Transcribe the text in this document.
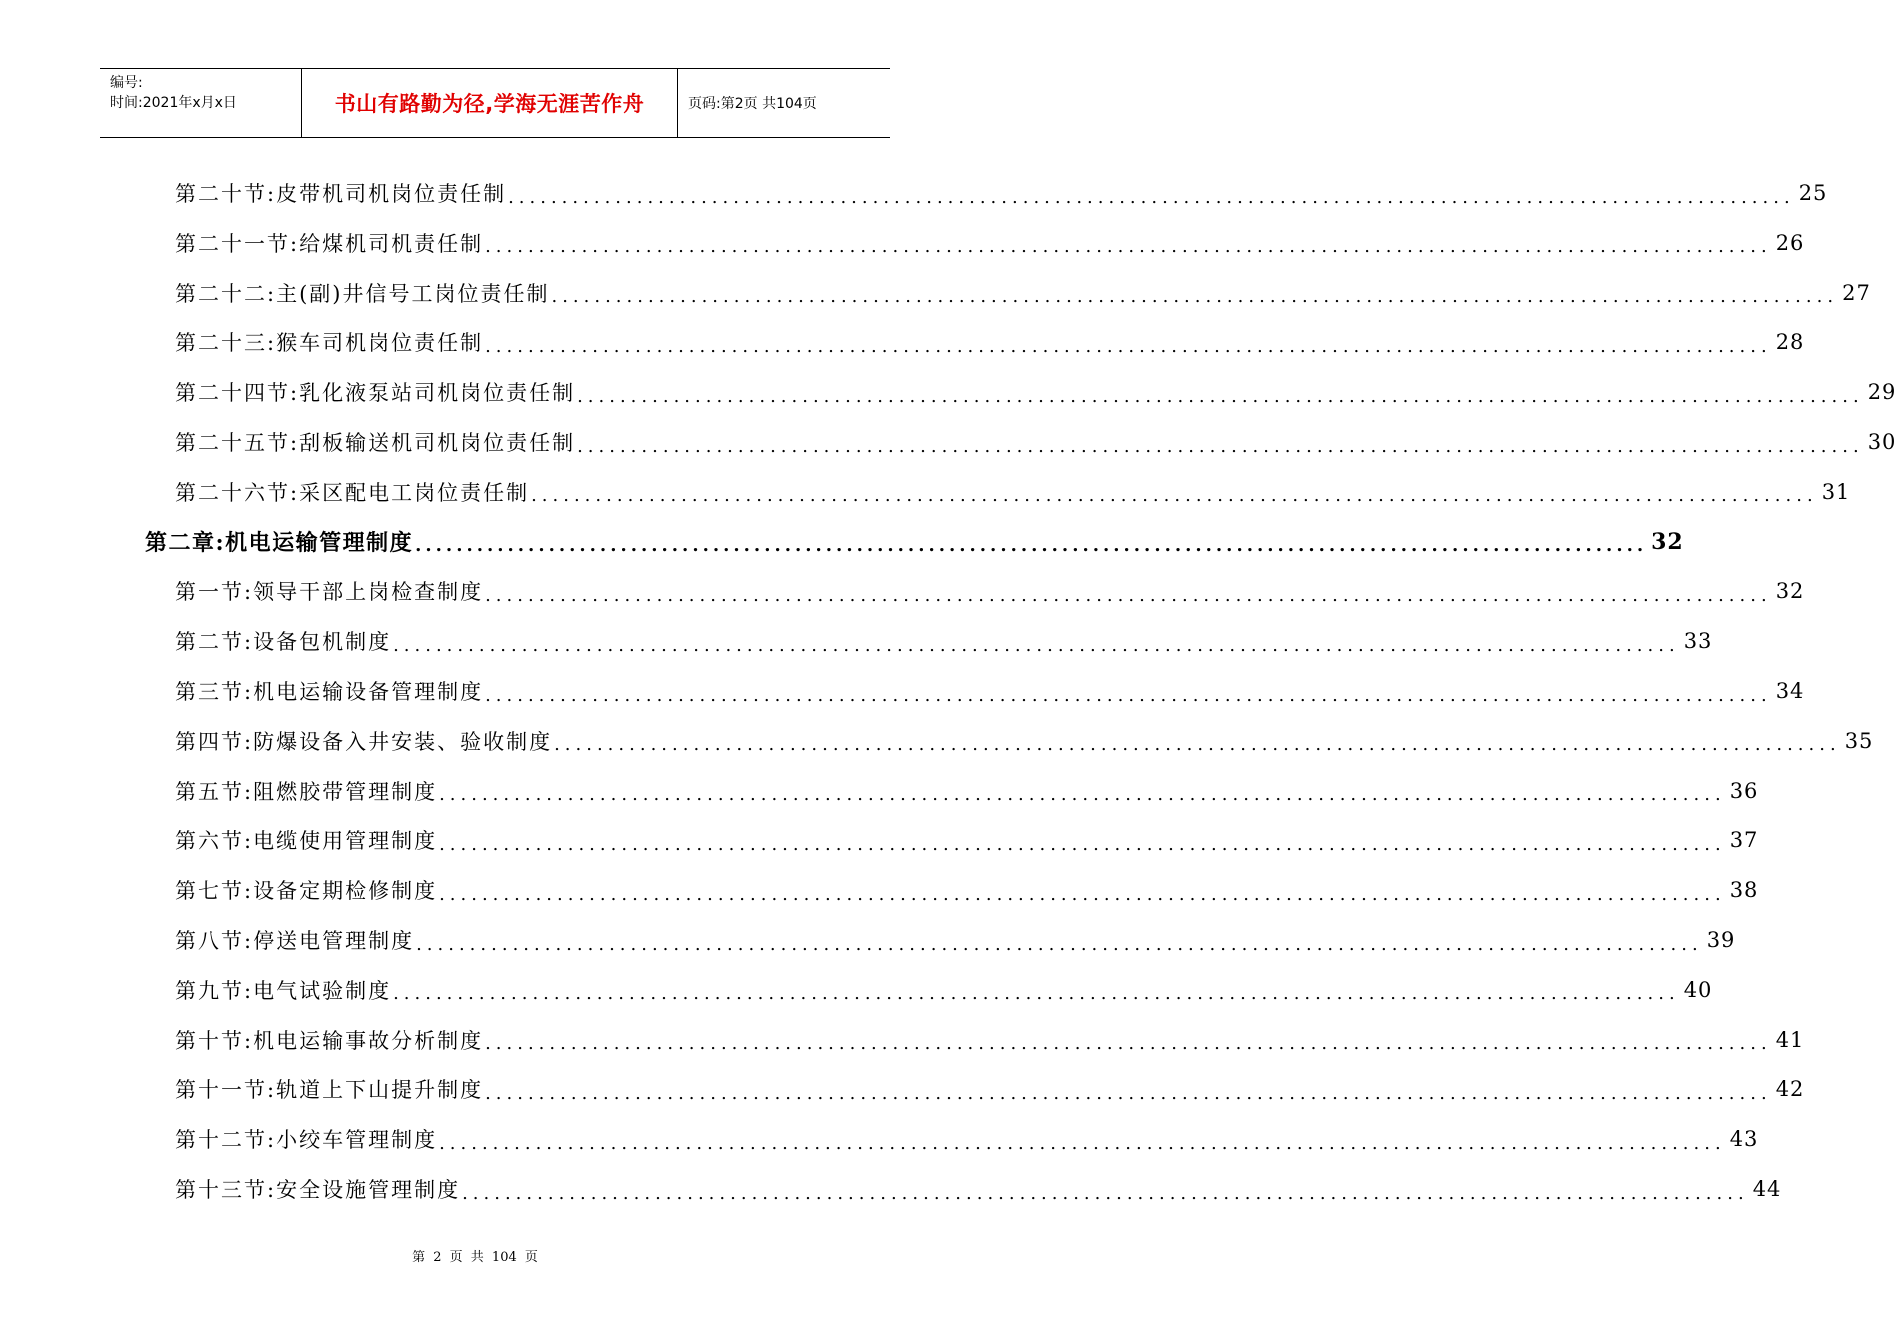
编号:
时间:2021年x月x日	书山有路勤为径,学海无涯苦作舟	页码:第2页 共104页
第二十节:皮带机司机岗位责任制 ........................................................................................................................ 25
第二十一节:给煤机司机责任制 ........................................................................................................................ 26
第二十二:主(副)井信号工岗位责任制 ........................................................................................................................ 27
第二十三:猴车司机岗位责任制 ........................................................................................................................ 28
第二十四节:乳化液泵站司机岗位责任制 ........................................................................................................................ 29
第二十五节:刮板输送机司机岗位责任制 ........................................................................................................................ 30
第二十六节:采区配电工岗位责任制 ........................................................................................................................ 31
第二章:机电运输管理制度 ........................................................................................................................ 32
第一节:领导干部上岗检查制度 ........................................................................................................................ 32
第二节:设备包机制度 ........................................................................................................................ 33
第三节:机电运输设备管理制度 ........................................................................................................................ 34
第四节:防爆设备入井安装、验收制度 ........................................................................................................................ 35
第五节:阻燃胶带管理制度 ........................................................................................................................ 36
第六节:电缆使用管理制度 ........................................................................................................................ 37
第七节:设备定期检修制度 ........................................................................................................................ 38
第八节:停送电管理制度 ........................................................................................................................ 39
第九节:电气试验制度 ........................................................................................................................ 40
第十节:机电运输事故分析制度 ........................................................................................................................ 41
第十一节:轨道上下山提升制度 ........................................................................................................................ 42
第十二节:小绞车管理制度 ........................................................................................................................ 43
第十三节:安全设施管理制度 ........................................................................................................................ 44
第 2 页 共 104 页
